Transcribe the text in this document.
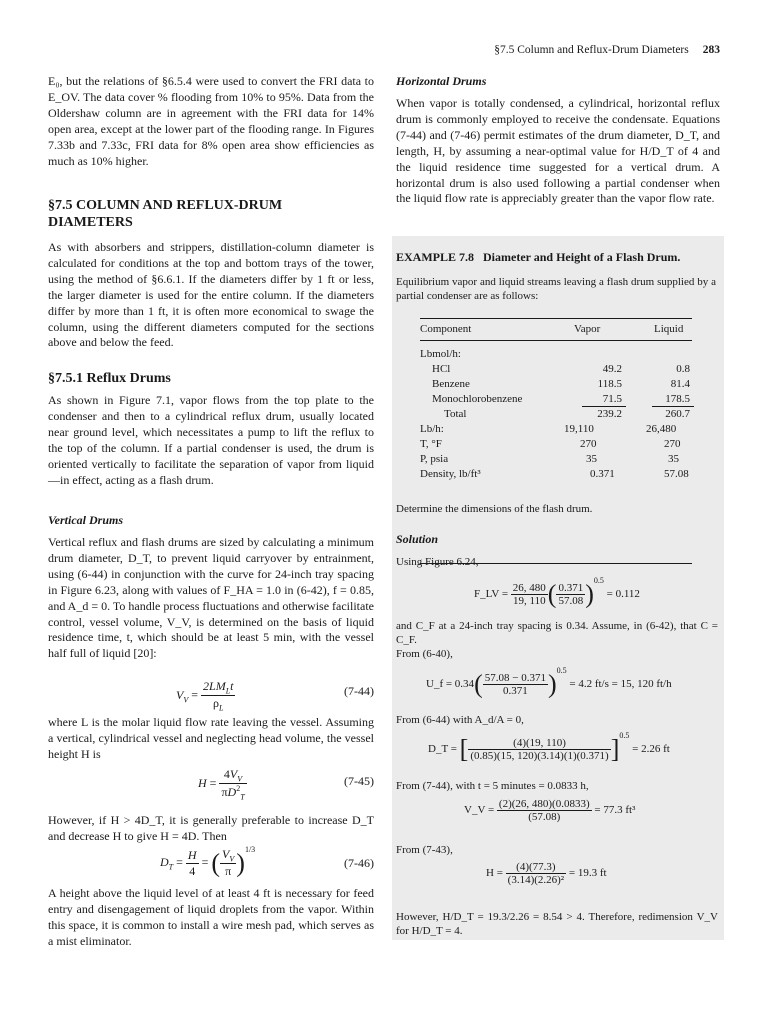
§7.5 Column and Reflux-Drum Diameters 283

E₀, but the relations of §6.5.4 were used to convert the FRI data to E_OV. The data cover % flooding from 10% to 95%. Data from the Oldershaw column are in agreement with the FRI data for 14% open area, except at the lower part of the flooding range. In Figures 7.33b and 7.33c, FRI data for 8% open area show efficiencies as much as 10% higher.

§7.5 COLUMN AND REFLUX-DRUM DIAMETERS

As with absorbers and strippers, distillation-column diameter is calculated for conditions at the top and bottom trays of the tower, using the method of §6.6.1. If the diameters differ by 1 ft or less, the larger diameter is used for the entire column. If the diameters differ by more than 1 ft, it is often more economical to swage the column, using the different diameters computed for the sections above and below the feed.

§7.5.1 Reflux Drums

As shown in Figure 7.1, vapor flows from the top plate to the condenser and then to a cylindrical reflux drum, usually located near ground level, which necessitates a pump to lift the reflux to the top of the column. If a partial condenser is used, the drum is oriented vertically to facilitate the separation of vapor from liquid—in effect, acting as a flash drum.

Vertical Drums

Vertical reflux and flash drums are sized by calculating a minimum drum diameter, D_T, to prevent liquid carryover by entrainment, using (6-44) in conjunction with the curve for 24-inch tray spacing in Figure 6.23, along with values of F_HA = 1.0 in (6-42), f = 0.85, and A_d = 0. To handle process fluctuations and otherwise facilitate control, vessel volume, V_V, is determined on the basis of liquid residence time, t, which should be at least 5 min, with the vessel half full of liquid [20]:

$V_V = \frac{2LM_Lt}{\rho_L}$	(7-44)

where L is the molar liquid flow rate leaving the vessel. Assuming a vertical, cylindrical vessel and neglecting head volume, the vessel height H is

$H = \frac{4V_V}{\pi D^2_T}$	(7-45)

However, if H > 4D_T, it is generally preferable to increase D_T and decrease H to give H = 4D. Then

$D_T = \frac{H}{4}$ = ( $\frac{V_V}{\pi} )^{1/3}$
(7-46)

A height above the liquid level of at least 4 ft is necessary for feed entry and disengagement of liquid droplets from the vapor. Within this space, it is common to install a wire mesh pad, which serves as a mist eliminator.

Horizontal Drums

When vapor is totally condensed, a cylindrical, horizontal reflux drum is commonly employed to receive the condensate. Equations (7-44) and (7-46) permit estimates of the drum diameter, D_T, and length, H, by assuming a near-optimal value for H/D_T of 4 and the liquid residence time suggested for a vertical drum. A horizontal drum is also used following a partial condenser when the liquid flow rate is appreciably greater than the vapor flow rate.

EXAMPLE 7.8 Diameter and Height of a Flash Drum.

Equilibrium vapor and liquid streams leaving a flash drum supplied by a partial condenser are as follows:

Component	Vapor	Liquid
Lbmol/h:
HCl	49.2	0.8
Benzene	118.5	81.4
Monochlorobenzene	71.5	178.5
Total	239.2	260.7
Lb/h:	19,110	26,480
T, °F	270	270
P, psia	35	35
Density, lb/ft³	0.371	57.08

Determine the dimensions of the flash drum.

Solution

Using Figure 6.24,

F_LV = $\frac{26, 480}{19, 110}$ ( $\frac{0.371}{57.08} )^{0.5} = 0.112$

and C_F at a 24-inch tray spacing is 0.34. Assume, in (6-42), that C = C_F.

From (6-40),

U_f = $0.34( \frac{57.08 - 0.371}{0.371} )^{0.5} = 4.2$ ft/s = 15, 120 ft/h

From (6-44) with A_d/A = 0,

D_T = [ $\frac{(4)(19, 110)}{(0.85)(15, 120)(3.14)(1)(0.371)} ]^{0.5} = 2.26$ ft

From (7-44), with t = 5 minutes = 0.0833 h,

V_V = $\frac{(2)(26, 480)(0.0833)}{(57.08)} = 77.3$ ft³

From (7-43),

$H = \frac{(4)(77.3)}{\text{(3.14)(2.26)²}} = 19.3$ ft

However, H/D_T = 19.3/2.26 = 8.54 > 4. Therefore, redimension V_V for H/D_T = 4.
